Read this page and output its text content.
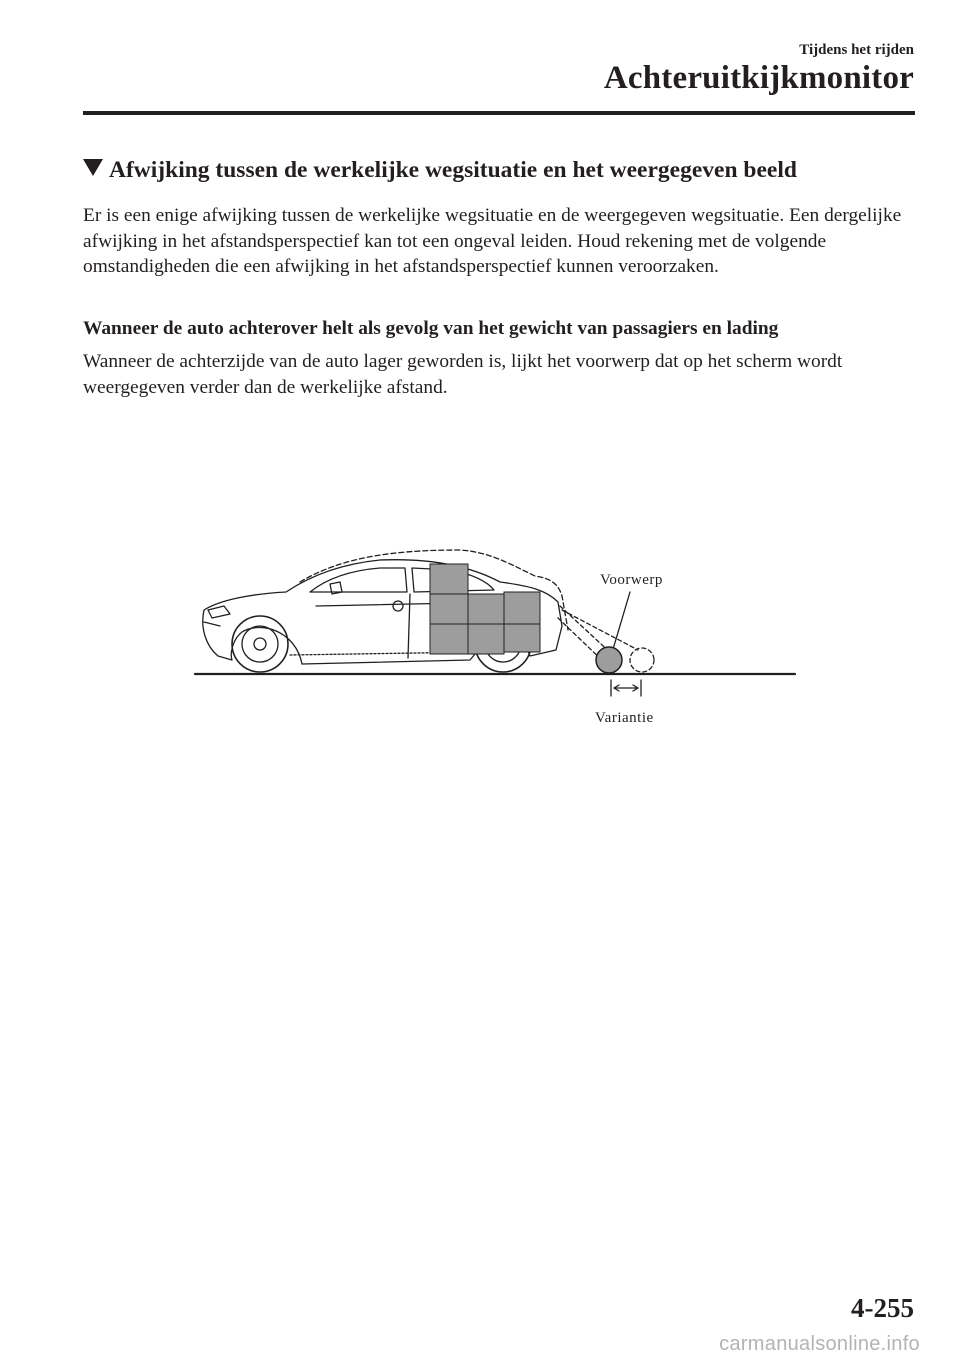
Tijdens het rijden
Achteruitkijkmonitor
Afwijking tussen de werkelijke wegsituatie en het weergegeven beeld
Er is een enige afwijking tussen de werkelijke wegsituatie en de weergegeven wegsituatie. Een dergelijke afwijking in het afstandsperspectief kan tot een ongeval leiden. Houd rekening met de volgende omstandigheden die een afwijking in het afstandsperspectief kunnen veroorzaken.
Wanneer de auto achterover helt als gevolg van het gewicht van passagiers en lading
Wanneer de achterzijde van de auto lager geworden is, lijkt het voorwerp dat op het scherm wordt weergegeven verder dan de werkelijke afstand.
Voorwerp
Variantie
4-255
carmanualsonline.info
